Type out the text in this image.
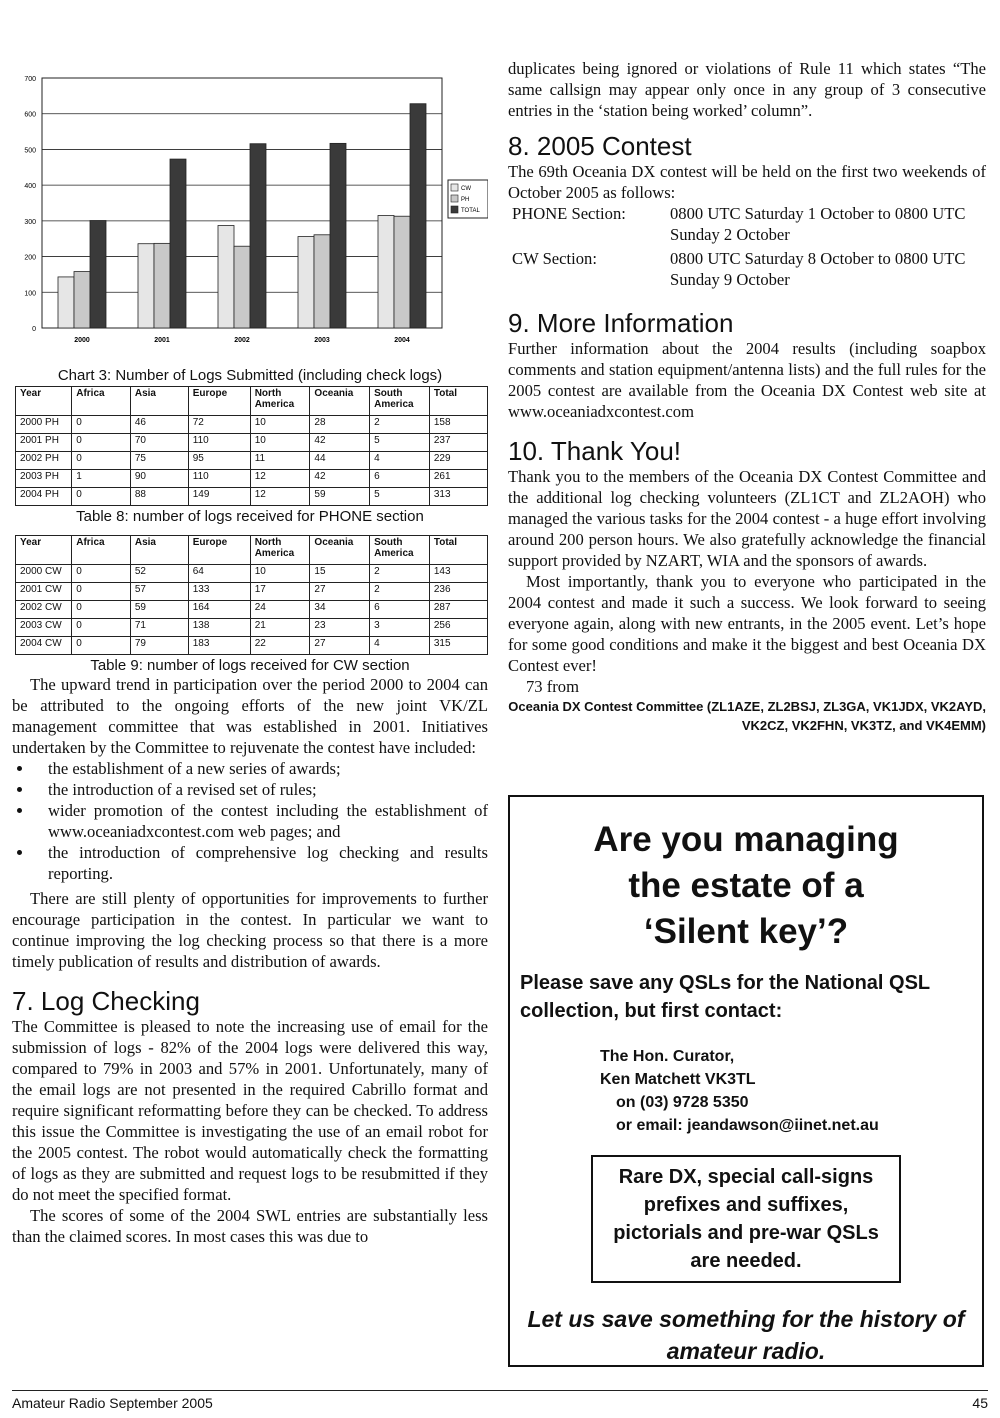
0
100
200
300
400
500
600
700
2000	2001	2002	2003	2004
CW
PH
TOTAL
Chart 3: Number of Logs Submitted (including check logs)
Year	Africa	Asia	Europe	North America	Oceania	South America	Total
2000 PH	0	46	72	10	28	2	158
2001 PH	0	70	110	10	42	5	237
2002 PH	0	75	95	11	44	4	229
2003 PH	1	90	110	12	42	6	261
2004 PH	0	88	149	12	59	5	313
Table 8: number of logs received for PHONE section
Year	Africa	Asia	Europe	North America	Oceania	South America	Total
2000 CW	0	52	64	10	15	2	143
2001 CW	0	57	133	17	27	2	236
2002 CW	0	59	164	24	34	6	287
2003 CW	0	71	138	21	23	3	256
2004 CW	0	79	183	22	27	4	315
Table 9: number of logs received for CW section

The upward trend in participation over the period 2000 to 2004 can be attributed to the ongoing efforts of the new joint VK/ZL management committee that was established in 2001. Initiatives undertaken by the Committee to rejuvenate the contest have included:

• the establishment of a new series of awards;
• the introduction of a revised set of rules;
• wider promotion of the contest including the establishment of www.oceaniadxcontest.com web pages; and
• the introduction of comprehensive log checking and results reporting.

There are still plenty of opportunities for improvements to further encourage participation in the contest. In particular we want to continue improving the log checking process so that there is a more timely publication of results and distribution of awards.

7. Log Checking

The Committee is pleased to note the increasing use of email for the submission of logs - 82% of the 2004 logs were delivered this way, compared to 79% in 2003 and 57% in 2001. Unfortunately, many of the email logs are not presented in the required Cabrillo format and require significant reformatting before they can be checked. To address this issue the Committee is investigating the use of an email robot for the 2005 contest. The robot would automatically check the formatting of logs as they are submitted and request logs to be resubmitted if they do not meet the specified format.

The scores of some of the 2004 SWL entries are substantially less than the claimed scores. In most cases this was due to

duplicates being ignored or violations of Rule 11 which states “The same callsign may appear only once in any group of 3 consecutive entries in the ‘station being worked’ column”.

8. 2005 Contest

The 69th Oceania DX contest will be held on the first two weekends of October 2005 as follows:

PHONE Section:	0800 UTC Saturday 1 October to 0800 UTC Sunday 2 October
CW Section:	0800 UTC Saturday 8 October to 0800 UTC Sunday 9 October
9. More Information

Further information about the 2004 results (including soapbox comments and station equipment/antenna lists) and the full rules for the 2005 contest are available from the Oceania DX Contest web site at www.oceaniadxcontest.com

10. Thank You!

Thank you to the members of the Oceania DX Contest Committee and the additional log checking volunteers (ZL1CT and ZL2AOH) who managed the various tasks for the 2004 contest - a huge effort involving around 200 person hours. We also gratefully acknowledge the financial support provided by NZART, WIA and the sponsors of awards.

Most importantly, thank you to everyone who participated in the 2004 contest and made it such a success. We look forward to seeing everyone again, along with new entrants, in the 2005 event. Let’s hope for some good conditions and make it the biggest and best Oceania DX Contest ever!

73 from

Oceania DX Contest Committee (ZL1AZE, ZL2BSJ, ZL3GA, VK1JDX, VK2AYD, VK2CZ, VK2FHN, VK3TZ, and VK4EMM)

Are you managing
the estate of a
‘Silent key’?
Please save any QSLs for the National QSL collection, but first contact:
The Hon. Curator,
Ken Matchett VK3TL
on (03) 9728 5350
or email: jeandawson@iinet.net.au
Rare DX, special call-signs prefixes and suffixes, pictorials and pre-war QSLs are needed.
Let us save something for the history of amateur radio.
Amateur Radio September 2005	45
